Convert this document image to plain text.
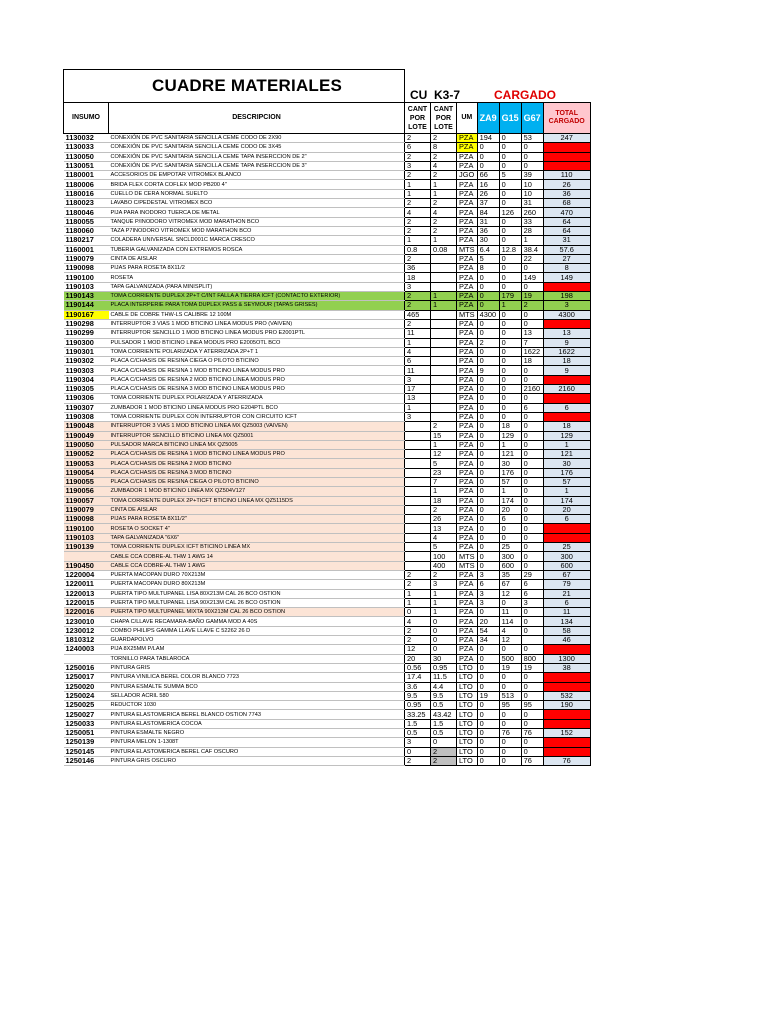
CUADRE MATERIALES	CU K3-7	CARGADO
INSUMO	DESCRIPCION	CANT POR LOTE	CANT POR LOTE	UM	ZA9	G15	G67	TOTAL CARGADO
1130032	CONEXIÓN DE PVC SANITARIA SENCILLA CEME CODO DE 2X90	2	2	PZA	194	0	53	247
1130033	CONEXIÓN DE PVC SANITARIA SENCILLA CEME CODO DE 3X45	6	8	PZA	0	0	0	0
1130050	CONEXIÓN DE PVC SANITARIA SENCILLA CEME TAPA INSERCCION DE 2"	2	2	PZA	0	0	0	0
1130051	CONEXIÓN DE PVC SANITARIA SENCILLA CEME TAPA INSERCCION DE 3"	3	4	PZA	0	0	0	0
1180001	ACCESORIOS DE EMPOTAR VITROMEX BLANCO	2	2	JGO	66	5	39	110
1180006	BRIDA FLEX CORTA COFLEX MOD PB200 4"	1	1	PZA	16	0	10	26
1180016	CUELLO DE CERA NORMAL SUELTO	1	1	PZA	26	0	10	36
1180023	LAVABO C/PEDESTAL VITROMEX BCO	2	2	PZA	37	0	31	68
1180046	PIJA PARA INODORO TUERCA DE METAL	4	4	PZA	84	126	260	470
1180055	TANQUE P/INODORO VITROMEX MOD MARATHON BCO	2	2	PZA	31	0	33	64
1180060	TAZA P7INODORO VITROMEX MOD MARATHON BCO	2	2	PZA	36	0	28	64
1180217	COLADERA UNIVERSAL SNCLD001C MARCA CRESCO	1	1	PZA	30	0	1	31
1160001	TUBERIA GALVANIZADA CON EXTREMOS ROSCA	0.8	0.08	MTS	6.4	12.8	38.4	57.6
1190079	CINTA DE AISLAR	2		PZA	5	0	22	27
1190098	PIJAS PARA ROSETA 8X11/2	36		PZA	8	0	0	8
1190100	ROSETA	18		PZA	0	0	149	149
1190103	TAPA GALVANIZADA (PARA MINISPLIT)	3		PZA	0	0	0	0
1190143	TOMA CORRIENTE DUPLEX 2P+T C/INT FALLA A TIERRA ICFT (CONTACTO EXTERIOR)	2	1	PZA	0	179	19	198
1190144	PLACA INTERPERIE PARA TOMA DUPLEX PASS & SEYMOUR (TAPAS GRISES)	2	1	PZA	0	1	2	3
1190167	CABLE DE COBRE THW-LS CALIBRE 12 100M	465		MTS	4300	0	0	4300
1190298	INTERRUPTOR 3 VIAS 1 MOD BTICINO LINEA MODUS PRO (VAIVEN)	2		PZA	0	0	0	0
1190299	INTERRUPTOR SENCILLO 1 MOD BTICINO LINEA MODUS PRO E2001PTL	11		PZA	0	0	13	13
1190300	PULSADOR 1 MOD BTICINO LINEA MODUS PRO E2005OTL BCO	1		PZA	2	0	7	9
1190301	TOMA CORRIENTE POLARIZADA Y ATERRIZADA 2P+T 1	4		PZA	0	0	1622	1622
1190302	PLACA C/CHASIS DE RESINA CIEGA O PILOTO BTICINO	6		PZA	0	0	18	18
1190303	PLACA C/CHASIS DE RESINA 1 MOD BTICINO LINEA MODUS PRO	11		PZA	9	0	0	9
1190304	PLACA C/CHASIS DE RESINA 2 MOD BTICINO LINEA MODUS PRO	3		PZA	0	0	0	0
1190305	PLACA C/CHASIS DE RESINA 3 MOD BTICINO LINEA MODUS PRO	17		PZA	0	0	2160	2160
1190306	TOMA CORRIENTE DUPLEX POLARIZADA Y ATERRIZADA	13		PZA	0	0	0	0
1190307	ZUMBADOR 1 MOD BTICINO LINEA MODUS PRO E204PTL BCO	1		PZA	0	0	6	6
1190308	TOMA CORRIENTE DUPLEX CON INTERRUPTOR CON CIRCUITO ICFT	3		PZA	0	0	0	0
1190048	INTERRUPTOR 3 VIAS 1 MOD BTICINO LINEA MX QZ5003 (VAIVEN)		2	PZA	0	18	0	18
1190049	INTERRUPTOR SENCILLO BTICINO LINEA MX QZ5001		15	PZA	0	129	0	129
1190050	PULSADOR MARCA BITICINO LINEA MX QZ5005		1	PZA	0	1	0	1
1190052	PLACA C/CHASIS DE RESINA 1 MOD BTICINO LINEA MODUS PRO		12	PZA	0	121	0	121
1190053	PLACA C/CHASIS DE RESINA 2 MOD BTICINO		5	PZA	0	30	0	30
1190054	PLACA C/CHASIS DE RESINA 3 MOD BTICINO		23	PZA	0	176	0	176
1190055	PLACA C/CHASIS DE RESINA CIEGA O PILOTO BTICINO		7	PZA	0	57	0	57
1190056	ZUMBADOR 1 MOD BTICINO LINEA MX QZ504V127		1	PZA	0	1	0	1
1190057	TOMA CORRIENTE DUPLEX 2P+TICFT BTICINO LINEA MX QZ5115DS		18	PZA	0	174	0	174
1190079	CINTA DE AISLAR		2	PZA	0	20	0	20
1190098	PIJAS PARA ROSETA 8X11/2"		26	PZA	0	6	0	6
1190100	ROSETA O SOCKET 4"		13	PZA	0	0	0	0
1190103	TAPA GALVANIZADA "6X6"		4	PZA	0	0	0	0
1190139	TOMA CORRIENTE DUPLEX ICFT BTICINO LINEA MX		5	PZA	0	25	0	25
	CABLE CCA COBRE-AL THW 1 AWG 14		100	MTS	0	300	0	300
1190450	CABLE CCA COBRE-AL THW 1 AWG		400	MTS	0	600	0	600
1220004	PUERTA MACOPAN DURO 70X213M	2	2	PZA	3	35	29	67
1220011	PUERTA MACOPAN DURO 80X213M	2	3	PZA	6	67	6	79
1220013	PUERTA TIPO MULTUPANEL LISA 80X213M CAL 26 BCO OSTION	1	1	PZA	3	12	6	21
1220015	PUERTA TIPO MULTUPANEL LISA 90X213M CAL 26 BCO OSTION	1	1	PZA	3	0	3	6
1220016	PUERTA TIPO MULTUPANEL MIXTA 90X213M CAL 26 BCO OSTION	0	1	PZA	0	11	0	11
1230010	CHAPA C/LLAVE RECAMARA-BAÑO GAMMA MOD A 40S	4	0	PZA	20	114	0	134
1230012	COMBO PHILIPS GAMMA LLAVE LLAVE C 52262 26 D	2	0	PZA	54	4	0	58
1810312	GUARDAPOLVO	2	0	PZA	34	12		46
1240003	PIJA 8X25MM P/LAM	12	0	PZA	0	0	0	0
	TORNILLO PARA TABLAROCA	20	30	PZA	0	500	800	1300
1250016	PINTURA GRIS	0.56	0.95	LTO	0	19	19	38
1250017	PINTURA VINILICA BEREL COLOR BLANCO 7723	17.4	11.5	LTO	0	0	0	0
1250020	PINTURA ESMALTE SUMMA BCO	3.6	4.4	LTO	0	0	0	0
1250024	SELLADOR ACRIL 580	9.5	9.5	LTO	19	513	0	532
1250025	REDUCTOR 1030	0.95	0.5	LTO	0	95	95	190
1250027	PINTURA ELASTOMERICA BEREL BLANCO OSTION 7743	33.25	43.42	LTO	0	0	0	0
1250033	PINTURA ELASTOMERICA COCOA	1.5	1.5	LTO	0	0	0	0
1250051	PINTURA ESMALTE NEGRO	0.5	0.5	LTO	0	76	76	152
1250139	PINTURA MELON 1-1308T	3	0	LTO	0	0	0	0
1250145	PINTURA ELASTOMERICA BEREL CAF OSCURO	0	2	LTO	0	0	0	0
1250146	PINTURA GRIS OSCURO	2	2	LTO	0	0	76	76
